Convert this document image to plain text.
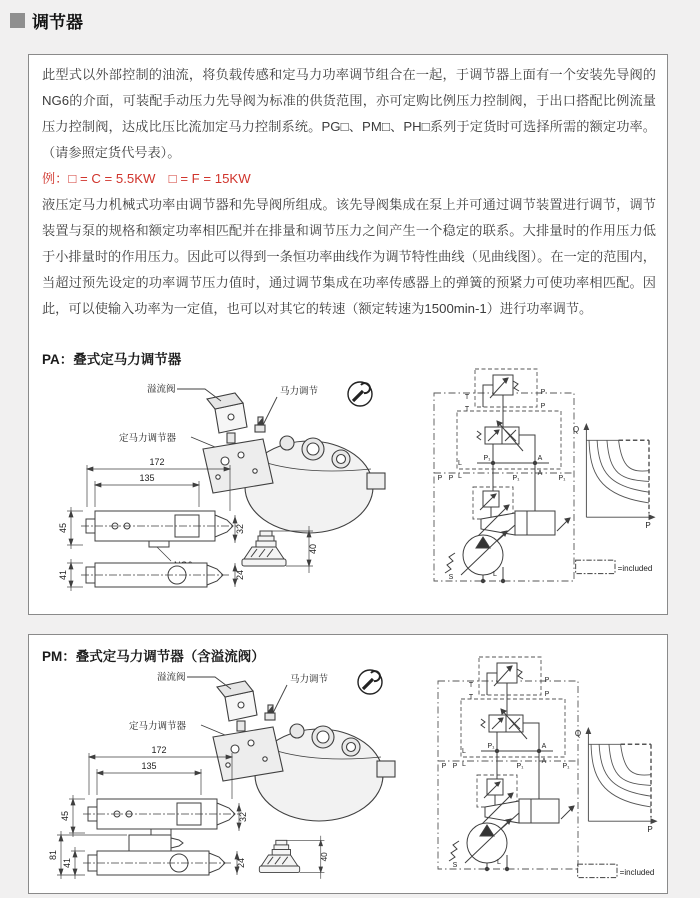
调节器
此型式以外部控制的油流，将负载传感和定马力功率调节组合在一起，于调节器上面有一个安装先导阀的NG6的介面，可装配手动压力先导阀为标准的供货范围，亦可定购比例压力控制阀，于出口搭配比例流量压力控制阀，达成比压比流加定马力控制系统。PG□、PM□、PH□系列于定货时可选择所需的额定功率。（请参照定货代号表）。
例：□ = C = 5.5KW　□ = F = 15KW
液压定马力机械式功率由调节器和先导阀所组成。该先导阀集成在泵上并可通过调节装置进行调节，调节装置与泵的规格和额定功率相匹配并在排量和调节压力之间产生一个稳定的联系。大排量时的作用压力低于小排量时的作用压力。因此可以得到一条恒功率曲线作为调节特性曲线（见曲线图）。在一定的范围内，当超过预先设定的功率调节压力值时，通过调节集成在功率传感器上的弹簧的预紧力可使功率相匹配。因此，可以使输入功率为一定值，也可以对其它的转速（额定转速为1500min-1）进行功率调节。
PA：叠式定马力调节器
溢流阀	马力调节
定马力调节器
172
135
45	32
41	24
40
T
T
P
P
L
L
P₁	A
A
P₁	P₁
P P
S	L
Q
P
=included
PM：叠式定马力调节器（含溢流阀）
溢流阀	马力调节
定马力调节器
172
135
45	32
81
41	24
40
T
T
P
P
L
L
P₁	A
A
P₁	P₁
P P
S	L
Q
P
=included
